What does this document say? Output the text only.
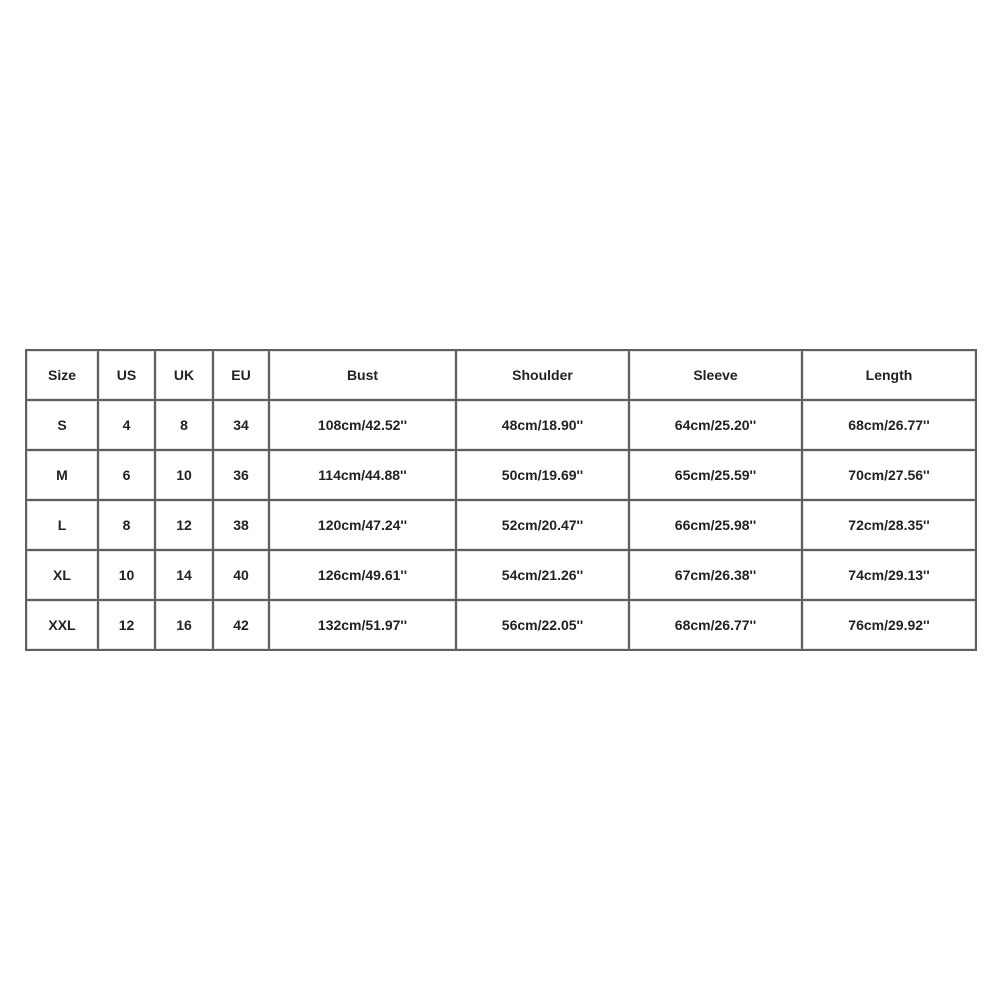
Size	US	UK	EU	Bust	Shoulder	Sleeve	Length
S	4	8	34	108cm/42.52''	48cm/18.90''	64cm/25.20''	68cm/26.77''
M	6	10	36	114cm/44.88''	50cm/19.69''	65cm/25.59''	70cm/27.56''
L	8	12	38	120cm/47.24''	52cm/20.47''	66cm/25.98''	72cm/28.35''
XL	10	14	40	126cm/49.61''	54cm/21.26''	67cm/26.38''	74cm/29.13''
XXL	12	16	42	132cm/51.97''	56cm/22.05''	68cm/26.77''	76cm/29.92''
